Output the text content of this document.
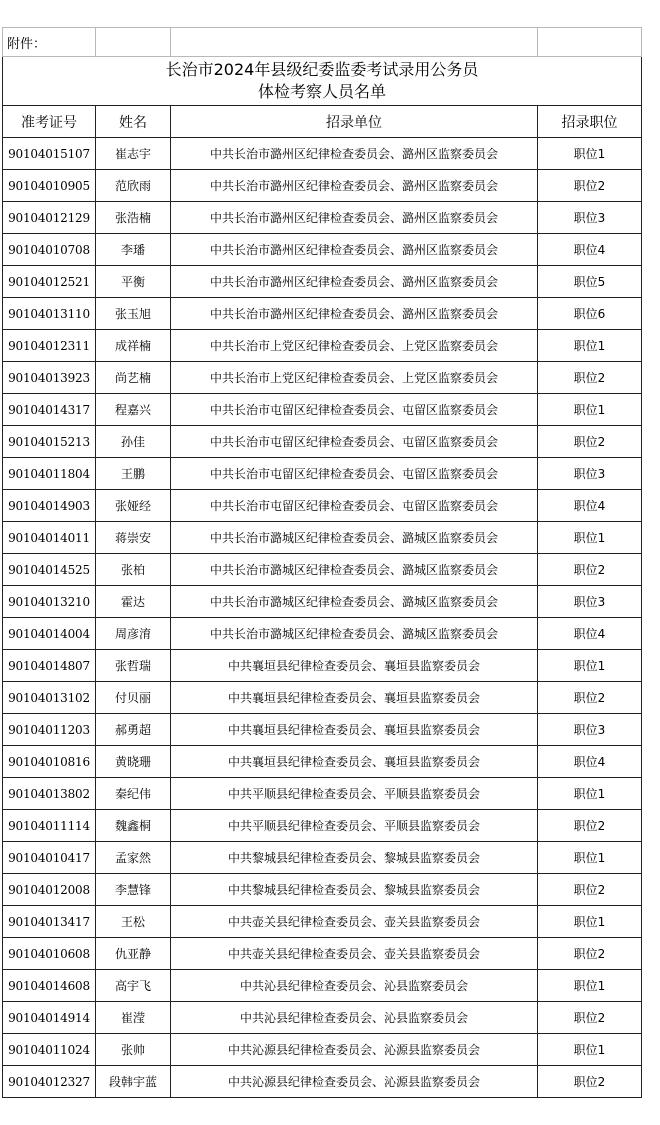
附件：			

长治市2024年县级纪委监委考试录用公务员
体检考察人员名单			

准考证号	姓名	招录单位	招录职位
90104015107	崔志宇	中共长治市潞州区纪律检查委员会、潞州区监察委员会	职位1
90104010905	范欣雨	中共长治市潞州区纪律检查委员会、潞州区监察委员会	职位2
90104012129	张浩楠	中共长治市潞州区纪律检查委员会、潞州区监察委员会	职位3
90104010708	李璠	中共长治市潞州区纪律检查委员会、潞州区监察委员会	职位4
90104012521	平衡	中共长治市潞州区纪律检查委员会、潞州区监察委员会	职位5
90104013110	张玉旭	中共长治市潞州区纪律检查委员会、潞州区监察委员会	职位6
90104012311	成祥楠	中共长治市上党区纪律检查委员会、上党区监察委员会	职位1
90104013923	尚艺楠	中共长治市上党区纪律检查委员会、上党区监察委员会	职位2
90104014317	程嘉兴	中共长治市屯留区纪律检查委员会、屯留区监察委员会	职位1
90104015213	孙佳	中共长治市屯留区纪律检查委员会、屯留区监察委员会	职位2
90104011804	王鹏	中共长治市屯留区纪律检查委员会、屯留区监察委员会	职位3
90104014903	张娅经	中共长治市屯留区纪律检查委员会、屯留区监察委员会	职位4
90104014011	蒋崇安	中共长治市潞城区纪律检查委员会、潞城区监察委员会	职位1
90104014525	张柏	中共长治市潞城区纪律检查委员会、潞城区监察委员会	职位2
90104013210	霍达	中共长治市潞城区纪律检查委员会、潞城区监察委员会	职位3
90104014004	周彦淯	中共长治市潞城区纪律检查委员会、潞城区监察委员会	职位4
90104014807	张哲瑞	中共襄垣县纪律检查委员会、襄垣县监察委员会	职位1
90104013102	付贝丽	中共襄垣县纪律检查委员会、襄垣县监察委员会	职位2
90104011203	郝勇超	中共襄垣县纪律检查委员会、襄垣县监察委员会	职位3
90104010816	黄晓珊	中共襄垣县纪律检查委员会、襄垣县监察委员会	职位4
90104013802	秦纪伟	中共平顺县纪律检查委员会、平顺县监察委员会	职位1
90104011114	魏鑫桐	中共平顺县纪律检查委员会、平顺县监察委员会	职位2
90104010417	孟家然	中共黎城县纪律检查委员会、黎城县监察委员会	职位1
90104012008	李慧锋	中共黎城县纪律检查委员会、黎城县监察委员会	职位2
90104013417	王松	中共壶关县纪律检查委员会、壶关县监察委员会	职位1
90104010608	仇亚静	中共壶关县纪律检查委员会、壶关县监察委员会	职位2
90104014608	高宇飞	中共沁县纪律检查委员会、沁县监察委员会	职位1
90104014914	崔滢	中共沁县纪律检查委员会、沁县监察委员会	职位2
90104011024	张帅	中共沁源县纪律检查委员会、沁源县监察委员会	职位1
90104012327	段韩宇蓝	中共沁源县纪律检查委员会、沁源县监察委员会	职位2
